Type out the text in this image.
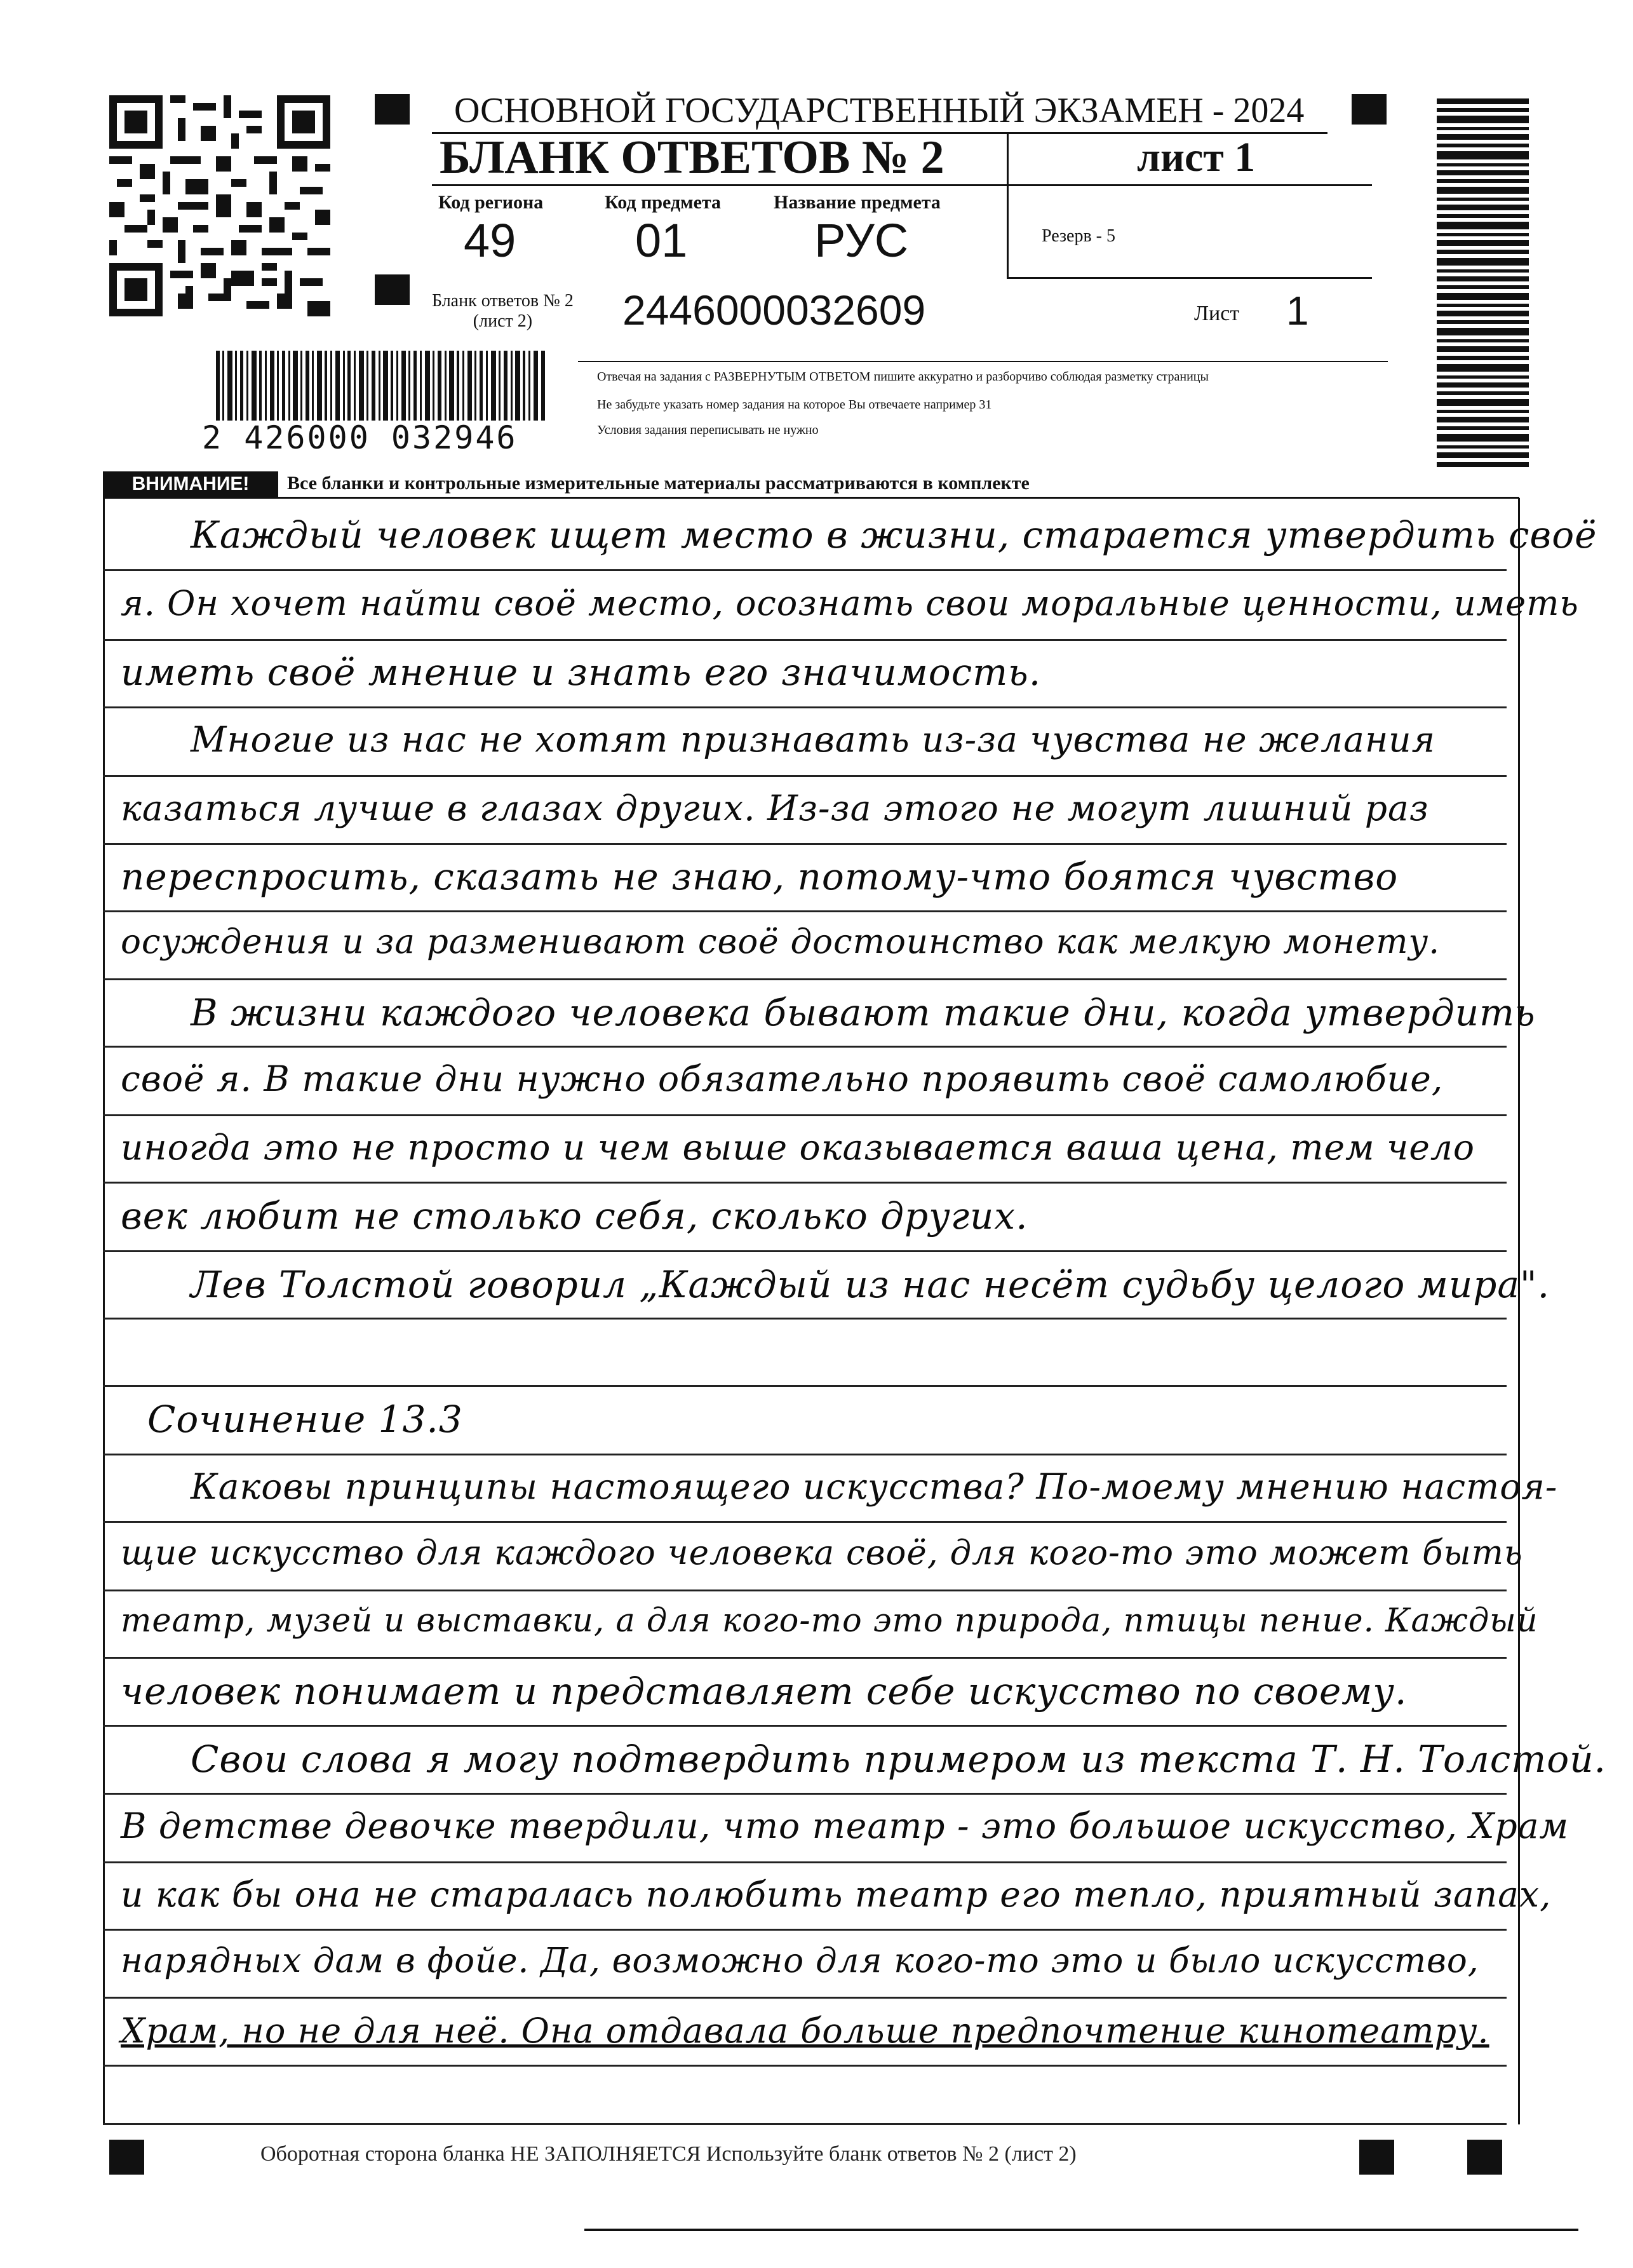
ОСНОВНОЙ ГОСУДАРСТВЕННЫЙ ЭКЗАМЕН - 2024
БЛАНК ОТВЕТОВ № 2	лист 1
Код региона
49
Код предмета
01
Название предмета
РУС	Резерв - 5
Бланк ответов № 2
(лист 2)	2446000032609	Лист 1
2 426000 032946
Отвечая на задания с РАЗВЕРНУТЫМ ОТВЕТОМ пишите аккуратно и разборчиво соблюдая разметку страницы
Не забудьте указать номер задания на которое Вы отвечаете например 31
Условия задания переписывать не нужно
ВНИМАНИЕ!	Все бланки и контрольные измерительные материалы рассматриваются в комплекте
Каждый человек ищет место в жизни, старается утвердить своё
я. Он хочет найти своё место, осознать свои моральные ценности, иметь
иметь своё мнение и знать его значимость.
Многие из нас не хотят признавать из-за чувства не желания
казаться лучше в глазах других. Из-за этого не могут лишний раз
переспросить, сказать не знаю, потому-что боятся чувство
осуждения и за разменивают своё достоинство как мелкую монету.
В жизни каждого человека бывают такие дни, когда утвердить
своё я. В такие дни нужно обязательно проявить своё самолюбие,
иногда это не просто и чем выше оказывается ваша цена, тем чело
век любит не столько себя, сколько других.
Лев Толстой говорил „Каждый из нас несёт судьбу целого мира".
Сочинение 13.3
Каковы принципы настоящего искусства? По-моему мнению настоя-
щие искусство для каждого человека своё, для кого-то это может быть
театр, музей и выставки, а для кого-то это природа, птицы пение. Каждый
человек понимает и представляет себе искусство по своему.
Свои слова я могу подтвердить примером из текста Т. Н. Толстой.
В детстве девочке твердили, что театр - это большое искусство, Храм
и как бы она не старалась полюбить театр его тепло, приятный запах,
нарядных дам в фойе. Да, возможно для кого-то это и было искусство,
Храм, но не для неё. Она отдавала больше предпочтение кинотеатру.
Оборотная сторона бланка НЕ ЗАПОЛНЯЕТСЯ Используйте бланк ответов № 2 (лист 2)
